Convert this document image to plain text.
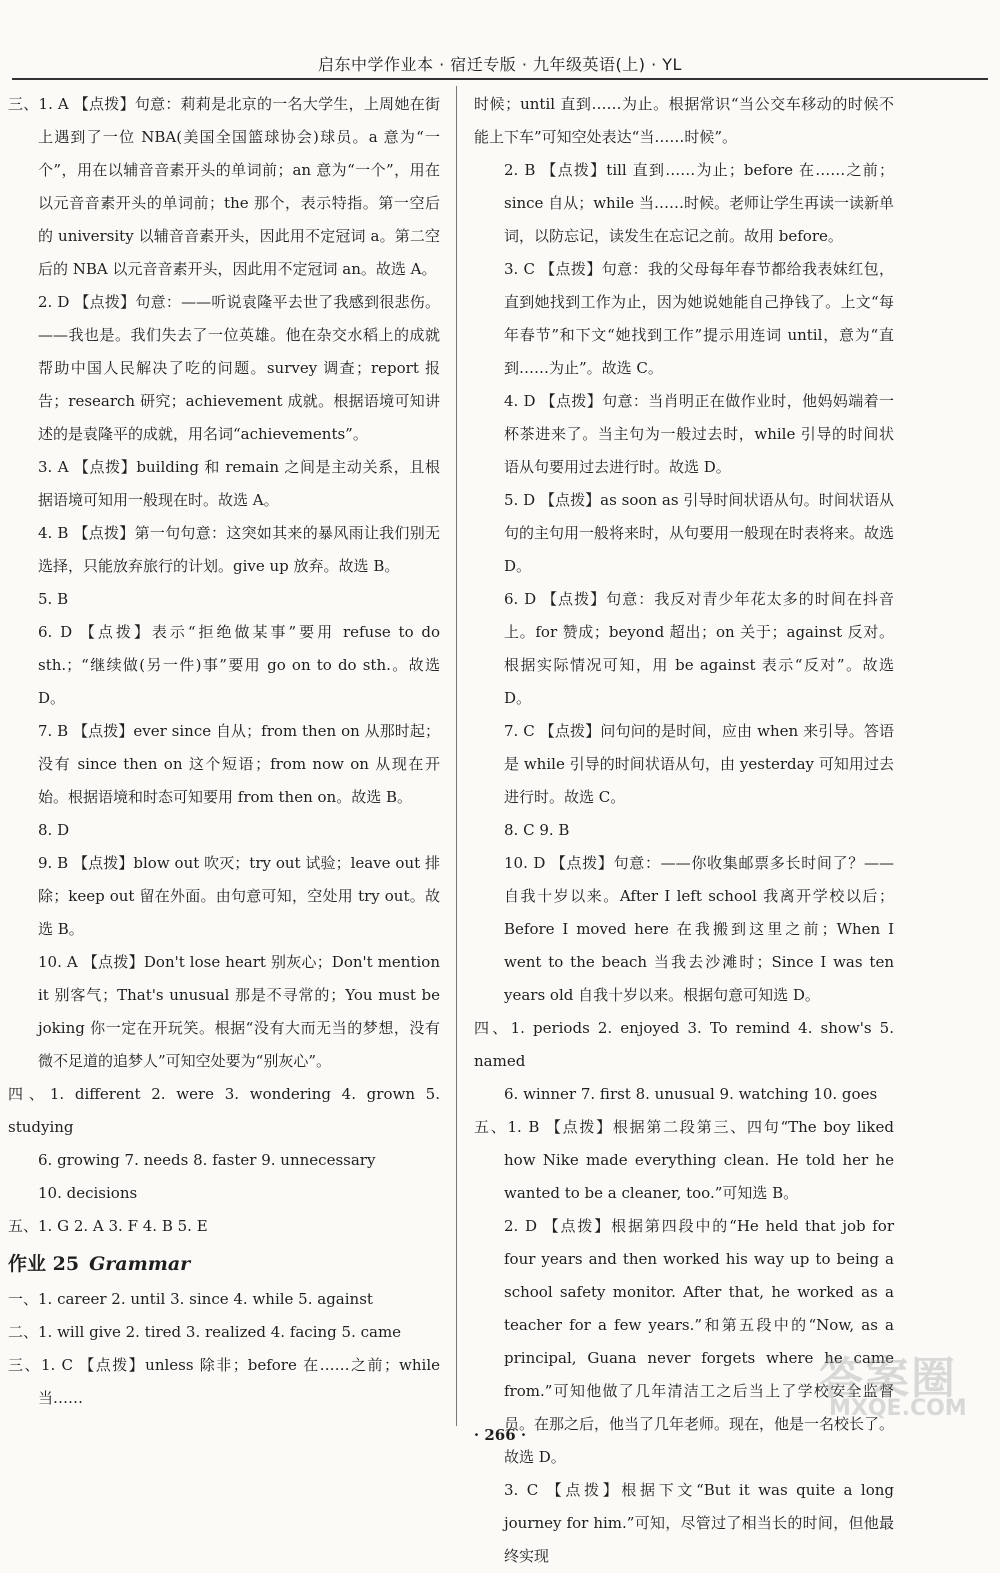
启东中学作业本 · 宿迁专版 · 九年级英语(上) · YL

三、1. A 【点拨】句意：莉莉是北京的一名大学生，上周她在街上遇到了一位 NBA(美国全国篮球协会)球员。a 意为“一个”，用在以辅音音素开头的单词前；an 意为“一个”，用在以元音音素开头的单词前；the 那个，表示特指。第一空后的 university 以辅音音素开头，因此用不定冠词 a。第二空后的 NBA 以元音音素开头，因此用不定冠词 an。故选 A。

2. D 【点拨】句意：——听说袁隆平去世了我感到很悲伤。——我也是。我们失去了一位英雄。他在杂交水稻上的成就帮助中国人民解决了吃的问题。survey 调查；report 报告；research 研究；achievement 成就。根据语境可知讲述的是袁隆平的成就，用名词“achievements”。

3. A 【点拨】building 和 remain 之间是主动关系，且根据语境可知用一般现在时。故选 A。

4. B 【点拨】第一句句意：这突如其来的暴风雨让我们别无选择，只能放弃旅行的计划。give up 放弃。故选 B。

5. B

6. D 【点拨】表示“拒绝做某事”要用 refuse to do sth.；“继续做(另一件)事”要用 go on to do sth.。故选 D。

7. B 【点拨】ever since 自从；from then on 从那时起；没有 since then on 这个短语；from now on 从现在开始。根据语境和时态可知要用 from then on。故选 B。

8. D

9. B 【点拨】blow out 吹灭；try out 试验；leave out 排除；keep out 留在外面。由句意可知，空处用 try out。故选 B。

10. A 【点拨】Don't lose heart 别灰心；Don't mention it 别客气；That's unusual 那是不寻常的；You must be joking 你一定在开玩笑。根据“没有大而无当的梦想，没有微不足道的追梦人”可知空处要为“别灰心”。

四、1. different 2. were 3. wondering 4. grown 5. studying

6. growing 7. needs 8. faster 9. unnecessary

10. decisions

五、1. G 2. A 3. F 4. B 5. E

作业 25 Grammar

一、1. career 2. until 3. since 4. while 5. against

二、1. will give 2. tired 3. realized 4. facing 5. came

三、1. C 【点拨】unless 除非；before 在……之前；while 当……

时候；until 直到……为止。根据常识“当公交车移动的时候不能上下车”可知空处表达“当……时候”。

2. B 【点拨】till 直到……为止；before 在……之前；since 自从；while 当……时候。老师让学生再读一读新单词，以防忘记，读发生在忘记之前。故用 before。

3. C 【点拨】句意：我的父母每年春节都给我表妹红包，直到她找到工作为止，因为她说她能自己挣钱了。上文“每年春节”和下文“她找到工作”提示用连词 until，意为“直到……为止”。故选 C。

4. D 【点拨】句意：当肖明正在做作业时，他妈妈端着一杯茶进来了。当主句为一般过去时，while 引导的时间状语从句要用过去进行时。故选 D。

5. D 【点拨】as soon as 引导时间状语从句。时间状语从句的主句用一般将来时，从句要用一般现在时表将来。故选 D。

6. D 【点拨】句意：我反对青少年花太多的时间在抖音上。for 赞成；beyond 超出；on 关于；against 反对。根据实际情况可知，用 be against 表示“反对”。故选 D。

7. C 【点拨】问句问的是时间，应由 when 来引导。答语是 while 引导的时间状语从句，由 yesterday 可知用过去进行时。故选 C。

8. C 9. B

10. D 【点拨】句意：——你收集邮票多长时间了？——自我十岁以来。After I left school 我离开学校以后；Before I moved here 在我搬到这里之前；When I went to the beach 当我去沙滩时；Since I was ten years old 自我十岁以来。根据句意可知选 D。

四、1. periods 2. enjoyed 3. To remind 4. show's 5. named

6. winner 7. first 8. unusual 9. watching 10. goes

五、1. B 【点拨】根据第二段第三、四句“The boy liked how Nike made everything clean. He told her he wanted to be a cleaner, too.”可知选 B。

2. D 【点拨】根据第四段中的“He held that job for four years and then worked his way up to being a school safety monitor. After that, he worked as a teacher for a few years.”和第五段中的“Now, as a principal, Guana never forgets where he came from.”可知他做了几年清洁工之后当上了学校安全监督员。在那之后，他当了几年老师。现在，他是一名校长了。故选 D。

3. C 【点拨】根据下文“But it was quite a long journey for him.”可知，尽管过了相当长的时间，但他最终实现

答案圈
MXQE.COM
· 266 ·
